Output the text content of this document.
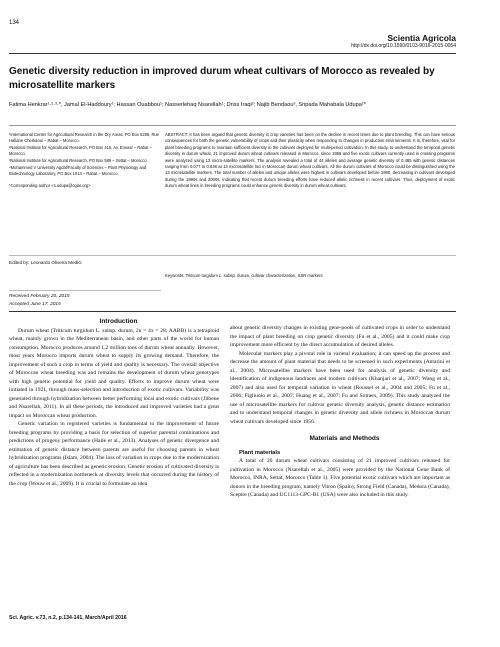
134
Scientia Agricola
http://dx.doi.org/10.1590/0103-9016-2015-0054
Genetic diversity reduction in improved durum wheat cultivars of Morocco as revealed by microsatellite markers
Fatima Henkrar¹·²·³·*, Jamal El-Haddoury¹; Hassan Ouabbou¹; Nasserlehaq Nsarellah¹; Driss Iraqi²; Najib Bendaou³, Sripada Mahabala Udupa¹*

¹International Center for Agricultural Research in the Dry Areas, PO Box 6299, Rue Hafiane Cherkaoui – Rabat – Morocco.

²National Institute for Agricultural Research, PO Box 415, Av. Ennasr – Rabat – Morocco.

³National Institute for Agricultural Research, PO Box 589 – Settat – Morocco.

⁴Mohammed V University Agdal/Faculty of Sciences – Plant Physiology and Biotechnology Laboratory, PO Box 1014 – Rabat – Morocco.

*Corresponding author <s.udupa@cgiar.org>

ABSTRACT: It has been argued that genetic diversity in crop varieties has been on the decline in recent times due to plant breeding. This can have serious consequences for both the genetic vulnerability of crops and their plasticity when responding to changes in production environments. It is, therefore, vital for plant breeding programs to maintain sufficient diversity in the cultivars deployed for multi-period cultivation. In this study, to understand the temporal genetic diversity in durum wheat, 21 improved durum wheat cultivars released in Morocco, since 1956 and five exotic cultivars currently used in crossing programs were analyzed using 13 micro-satellite markers. The analysis revealed a total of 44 alleles and average genetic diversity of 0.485 with genetic distances ranging from 0.077 to 0.846 at 13 microsatellite loci in Moroccan durum wheat cultivars. All the durum cultivars of Morocco could be distinguished using the 13 microsatellite markers. The total number of alleles and unique alleles were highest in cultivars developed before 1990, decreasing in cultivars developed during the 1990s and 2000s, indicating that recent durum breeding efforts have reduced allelic richness in recent cultivars. Thus, deployment of exotic durum wheat lines in breeding programs could enhance genetic diversity in durum wheat cultivars.
Keywords: Triticum turgidum L. subsp. durum, cultivar characterization, SSR markers
Edited by: Leonardo Oliveira Medici
Received February 20, 2015
Accepted June 17, 2015

Introduction

Durum wheat (Triticum turgidum L. subsp. durum, 2n = 4x = 28; AABB) is a tetraploid wheat, mainly grown in the Mediterranean basin, and other parts of the world for human consumption. Morocco produces around 1.2 million tons of durum wheat annually. However, most years Morocco imports durum wheat to supply its growing demand. Therefore, the improvement of such a crop in terms of yield and quality is necessary. The overall objective of Moroccan wheat breeding was and remains the development of durum wheat genotypes with high genetic potential for yield and quality. Efforts to improve durum wheat were initiated in 1921, through mass-selection and introduction of exotic cultivars. Variability was generated through hybridization between better performing local and exotic cultivars (Jlibene and Nsarellah, 2011). In all these periods, the introduced and improved varieties had a great impact on Moroccan wheat production.

Genetic variation in registered varieties is fundamental to the improvement of future breeding programs by providing a basis for selection of superior parental combinations and predictions of progeny performance (Haile et al., 2013). Analyses of genetic divergence and estimation of genetic distance between parents are useful for choosing parents in wheat hybridization programs (Islam, 2004). The loss of variation in crops due to the modernization of agriculture has been described as genetic erosion. Genetic erosion of cultivated diversity is reflected in a modernization bottleneck at diversity levels that occurred during the history of the crop (Wouw et al., 2009). It is crucial to formulate an idea

about genetic diversity changes in existing gene-pools of cultivated crops in order to understand the impact of plant breeding on crop genetic diversity (Fu et al., 2005) and it could make crop improvement more efficient by the direct accumulation of desired alleles.

Molecular markers play a pivotal role in varietal evaluation; it can speed up the process and decrease the amount of plant material that needs to be screened in such experiments (Antarini et al., 2004). Microsatellite markers have been used for analysis of genetic diversity and identification of indigenous landraces and modern cultivars (Khanjari et al., 2007; Wang et al., 2007) and also used for temporal variation in wheat (Roussel et al., 2004 and 2005; Fu et al., 2006; Figliuolo et al., 2007; Huang et al., 2007; Fu and Somers, 2009). This study analyzed the use of microsatellite markers for cultivar genetic diversity analysis, genetic distance estimation and to understand temporal changes in genetic diversity and allele richness in Moroccan durum wheat cultivars developed since 1956.

Materials and Methods

Plant materials

A total of 26 durum wheat cultivars consisting of 21 improved cultivars released for cultivation in Morocco (Nsarellah et al., 2005) were provided by the National Gene Bank of Morocco, INRA, Settat, Morocco (Table 1). Five potential exotic cultivars which are important as donors in the breeding program, namely Vitron (Spain), Strong Field (Canada), Medora (Canada), Sceptre (Canada) and UC1113-GPC-B1 (USA) were also included in this study.

Sci. Agric. v.73, n.2, p.134-141, March/April 2016
